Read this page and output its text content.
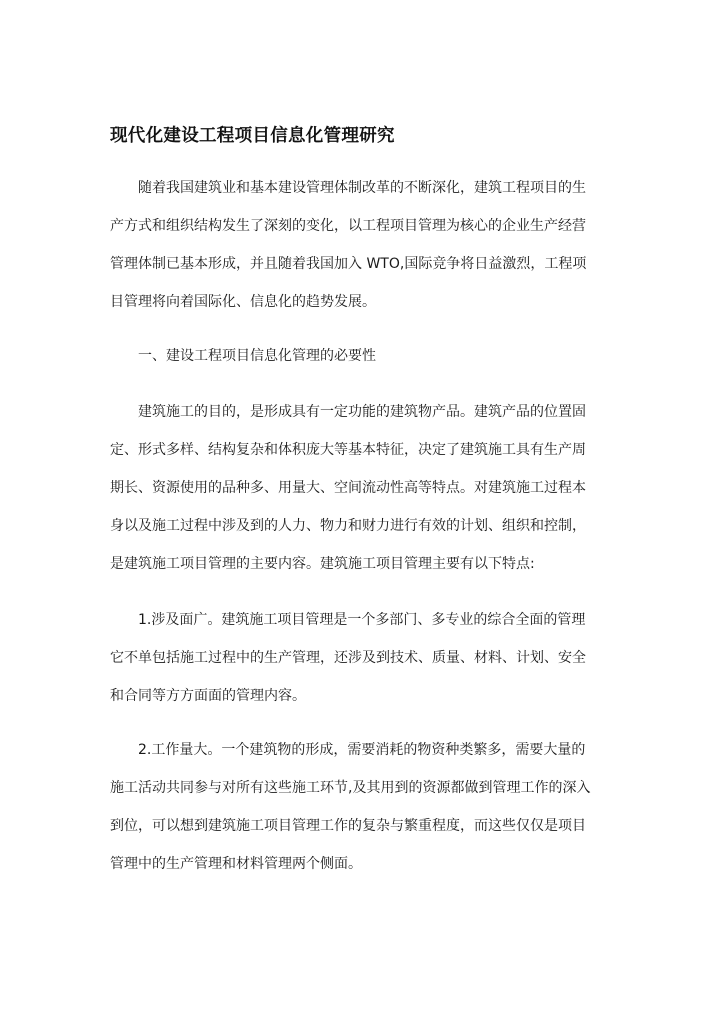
现代化建设工程项目信息化管理研究

随着我国建筑业和基本建设管理体制改革的不断深化，建筑工程项目的生

产方式和组织结构发生了深刻的变化，以工程项目管理为核心的企业生产经营

管理体制已基本形成，并且随着我国加入 WTO,国际竞争将日益激烈，工程项

目管理将向着国际化、信息化的趋势发展。

一、建设工程项目信息化管理的必要性

建筑施工的目的，是形成具有一定功能的建筑物产品。建筑产品的位置固

定、形式多样、结构复杂和体积庞大等基本特征，决定了建筑施工具有生产周

期长、资源使用的品种多、用量大、空间流动性高等特点。对建筑施工过程本

身以及施工过程中涉及到的人力、物力和财力进行有效的计划、组织和控制，

是建筑施工项目管理的主要内容。建筑施工项目管理主要有以下特点:

1.涉及面广。建筑施工项目管理是一个多部门、多专业的综合全面的管理

它不单包括施工过程中的生产管理，还涉及到技术、质量、材料、计划、安全

和合同等方方面面的管理内容。

2.工作量大。一个建筑物的形成，需要消耗的物资种类繁多，需要大量的

施工活动共同参与对所有这些施工环节,及其用到的资源都做到管理工作的深入

到位，可以想到建筑施工项目管理工作的复杂与繁重程度，而这些仅仅是项目

管理中的生产管理和材料管理两个侧面。
